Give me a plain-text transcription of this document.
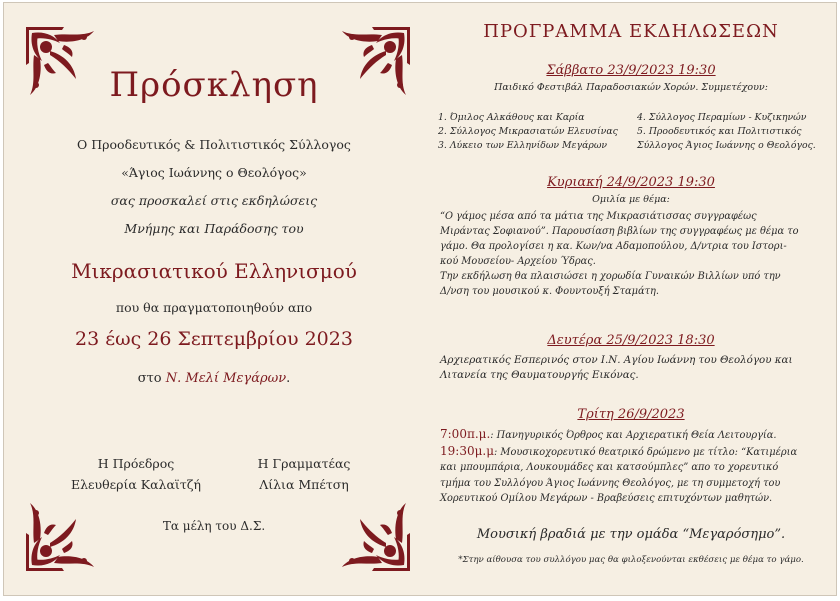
Πρόσκληση
Ο Προοδευτικός & Πολιτιστικός Σύλλογος
«Άγιος Ιωάννης ο Θεολόγος»
σας προσκαλεί στις εκδηλώσεις
Μνήμης και Παράδοσης του
Μικρασιατικού Ελληνισμού
που θα πραγματοποιηθούν απο
23 έως 26 Σεπτεμβρίου 2023
στο Ν. Μελί Μεγάρων.
Η Πρόεδρος
Ελευθερία Καλαϊτζή
Η Γραμματέας
Λίλια Μπέτση
Τα μέλη του Δ.Σ.
ΠΡΟΓΡΑΜΜΑ ΕΚΔΗΛΩΣΕΩΝ
Σάββατο 23/9/2023 19:30
Παιδικό Φεστιβάλ Παραδοσιακών Χορών. Συμμετέχουν:
1. Όμιλος Αλκάθους και Καρία
2. Σύλλογος Μικρασιατών Ελευσίνας
3. Λύκειο των Ελληνίδων Μεγάρων
4. Σύλλογος Περαμίων - Κυζικηνών
5. Προοδευτικός και Πολιτιστικός
Σύλλογος Άγιος Ιωάννης ο Θεολόγος.
Κυριακή 24/9/2023 19:30
Ομιλία με θέμα:
“Ο γάμος μέσα από τα μάτια της Μικρασιάτισσας συγγραφέως
Μιράντας Σοφιανού”. Παρουσίαση βιβλίων της συγγραφέως με θέμα το
γάμο. Θα προλογίσει η κα. Κων/να Αδαμοπούλου, Δ/ντρια του Ιστορι-
κού Μουσείου- Αρχείου Ύδρας.
Την εκδήλωση θα πλαισιώσει η χορωδία Γυναικών Βιλλίων υπό την
Δ/νση του μουσικού κ. Φουντουξή Σταμάτη.
Δευτέρα 25/9/2023 18:30
Αρχιερατικός Εσπερινός στον Ι.Ν. Αγίου Ιωάννη του Θεολόγου και
Λιτανεία της Θαυματουργής Εικόνας.
Τρίτη 26/9/2023
7:00π.μ.: Πανηγυρικός Όρθρος και Αρχιερατική Θεία Λειτουργία.
19:30μ.μ: Μουσικοχορευτικό θεατρικό δρώμενο με τίτλο: “Κατιμέρια
και μπουμπάρια, Λουκουμάδες και κατσούμπλες” απο το χορευτικό
τμήμα του Συλλόγου Άγιος Ιωάννης Θεολόγος, με τη συμμετοχή του
Χορευτικού Ομίλου Μεγάρων - Βραβεύσεις επιτυχόντων μαθητών.
Μουσική βραδιά με την ομάδα “Μεγαρόσημο”.
*Στην αίθουσα του συλλόγου μας θα φιλοξενούνται εκθέσεις με θέμα το γάμο.
